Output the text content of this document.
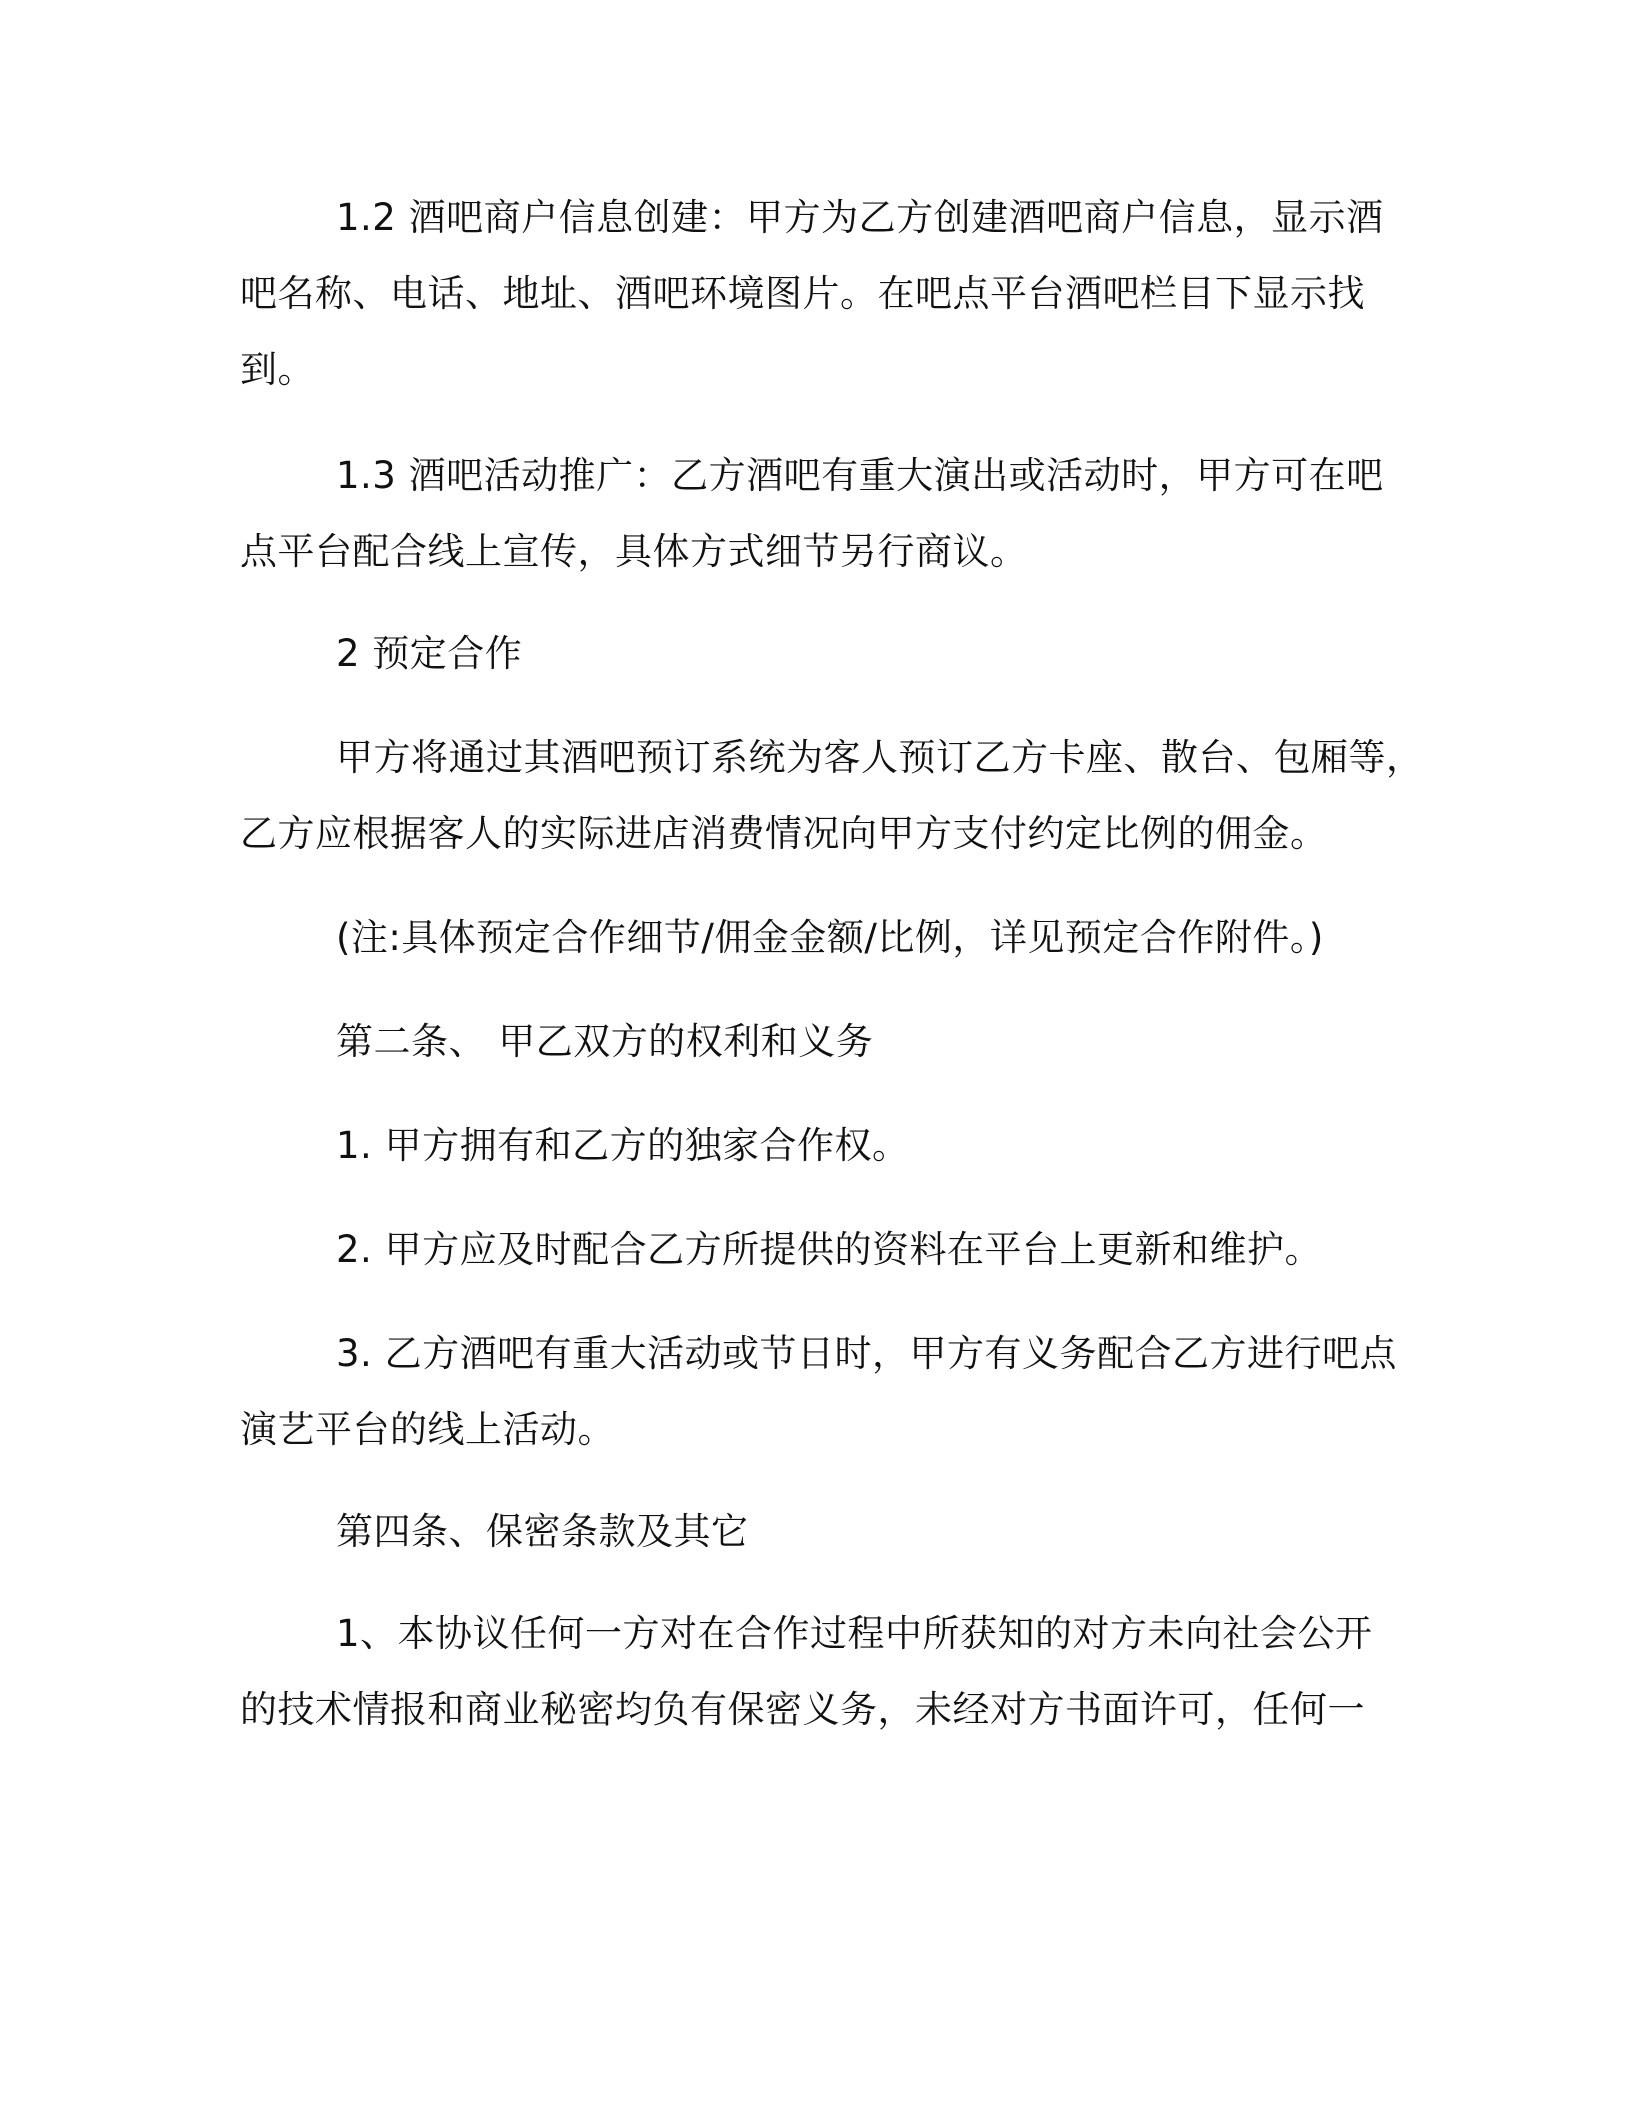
1.2 酒吧商户信息创建：甲方为乙方创建酒吧商户信息，显示酒

吧名称、电话、地址、酒吧环境图片。在吧点平台酒吧栏目下显示找

到。

1.3 酒吧活动推广：乙方酒吧有重大演出或活动时，甲方可在吧

点平台配合线上宣传，具体方式细节另行商议。

2 预定合作

甲方将通过其酒吧预订系统为客人预订乙方卡座、散台、包厢等，

乙方应根据客人的实际进店消费情况向甲方支付约定比例的佣金。

(注:具体预定合作细节/佣金金额/比例，详见预定合作附件。)

第二条、 甲乙双方的权利和义务

1. 甲方拥有和乙方的独家合作权。

2. 甲方应及时配合乙方所提供的资料在平台上更新和维护。

3. 乙方酒吧有重大活动或节日时，甲方有义务配合乙方进行吧点

演艺平台的线上活动。

第四条、保密条款及其它

1、本协议任何一方对在合作过程中所获知的对方未向社会公开

的技术情报和商业秘密均负有保密义务，未经对方书面许可，任何一
